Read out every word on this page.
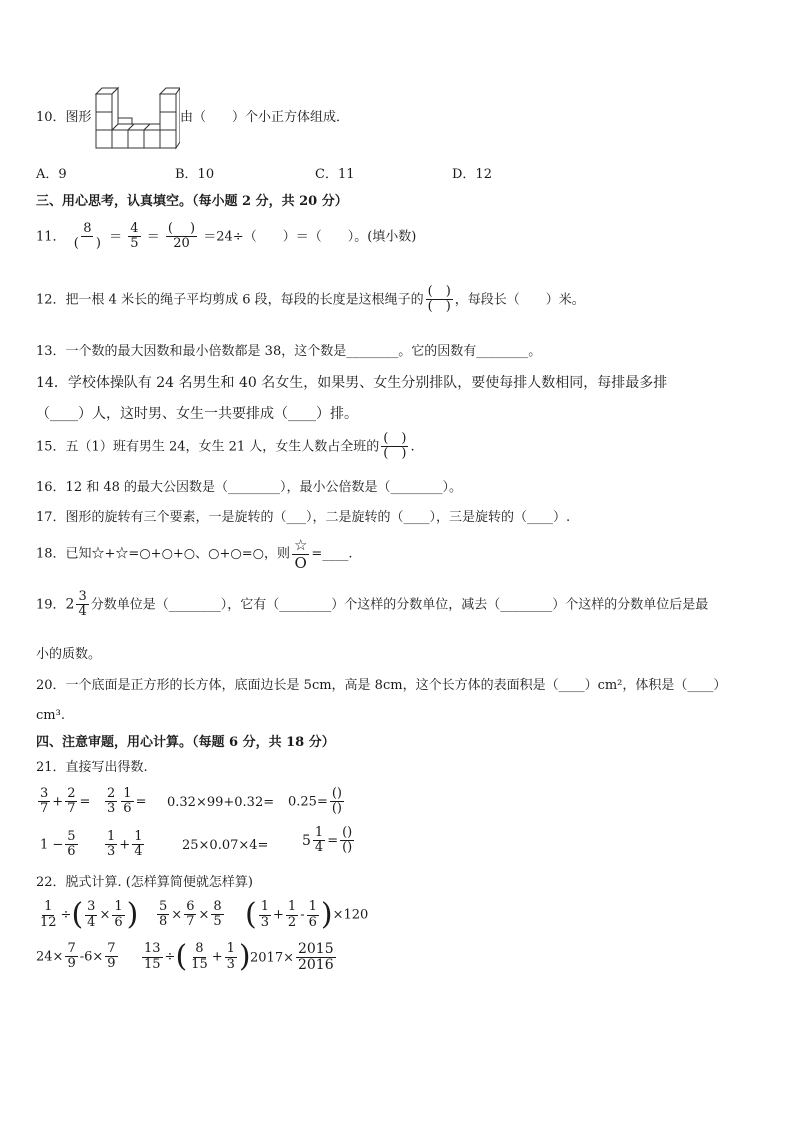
10．图形	由（　　）个小正方体组成．
A．9	B．10	C．11	D．12
三、用心思考，认真填空。（每小题 2 分，共 20 分）
11． $\frac{8}{( )} = \frac{4}{5} = \frac{( )}{20} =24\div$（　　）＝（　　）。(填小数)
12．把一根 4 米长的绳子平均剪成 6 段，每段的长度是这根绳子的 $\frac{( )}{( )}$ ，每段长（　　）米。
13．一个数的最大因数和最小倍数都是 38，这个数是________。它的因数有________。
14．学校体操队有 24 名男生和 40 名女生，如果男、女生分别排队，要使每排人数相同，每排最多排
（____）人，这时男、女生一共要排成（____）排。
15．五（1）班有男生 24，女生 21 人，女生人数占全班的 $\frac{( )}{( )}$ .
16．12 和 48 的最大公因数是（________），最小公倍数是（________）。
17．图形的旋转有三个要素，一是旋转的（___），二是旋转的（____），三是旋转的（____）.
18．已知☆+☆=○+○+○、○+○=○，则 $\frac{☆}{O}$ =____.
19．$2 \frac{3}{4}$ 分数单位是（________），它有（________）个这样的分数单位，减去（________）个这样的分数单位后是最
小的质数。
20．一个底面是正方形的长方体，底面边长是 5cm，高是 8cm，这个长方体的表面积是（____）cm²，体积是（____）
cm³.
四、注意审题，用心计算。（每题 6 分，共 18 分）
21．直接写出得数.
$\frac{3}{7} + \frac{2}{7} = \frac{2}{3} \frac{1}{6} = 0.32\times 99+0.32= 0.25= \frac{()}{()}$
$1 - \frac{5}{6} \frac{1}{3} + \frac{1}{4}$	$25\times 0.07\times 4= 5 \frac{1}{4} = \frac{()}{()}$
22．脱式计算. (怎样算简便就怎样算)
$\frac{1}{12}$ ÷( $\frac{3}{4} \times \frac{1}{6}$ ) $\frac{5}{8} \times \frac{6}{7} \times \frac{8}{5}$ ( $\frac{1}{3} + \frac{1}{2} - \frac{1}{6} )\times 120$
$24\times \frac{7}{9} -6\times \frac{7}{9} \frac{13}{15}$ ÷( $\frac{8}{15} + \frac{1}{3}$ ) $2017\times \frac{2015}{2016}$
